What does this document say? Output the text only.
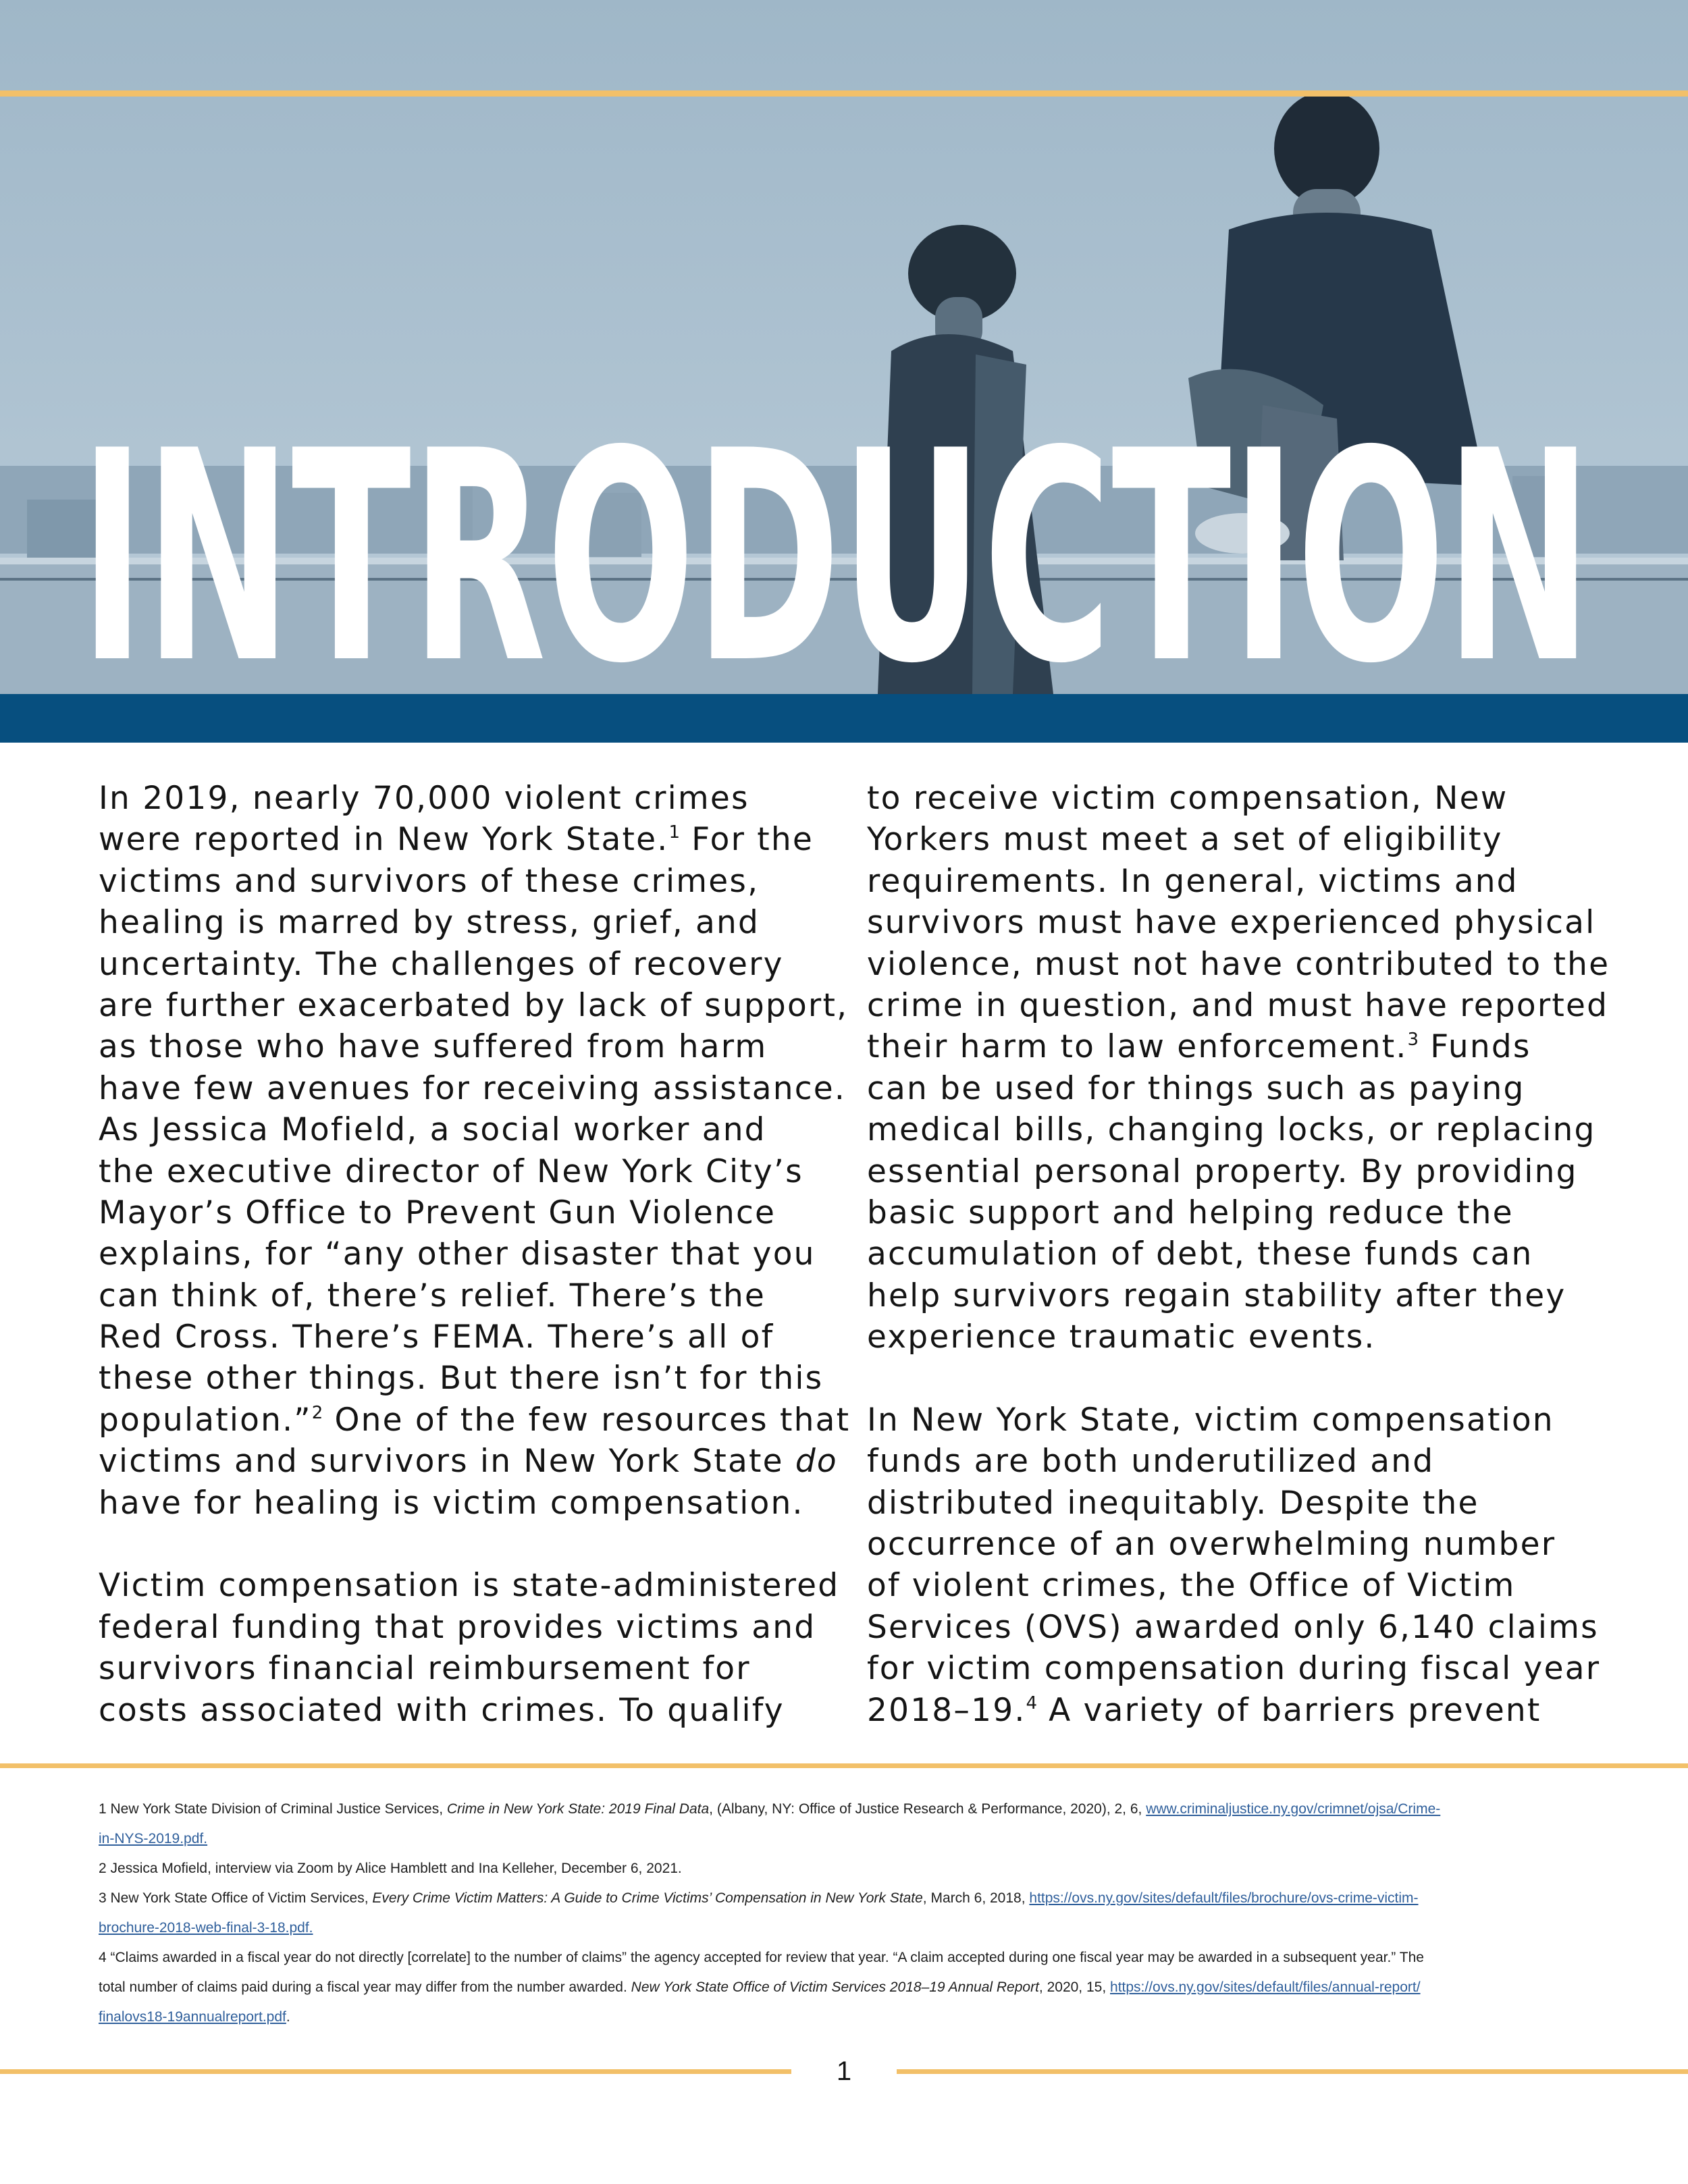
INTRODUCTION
In 2019, nearly 70,000 violent crimes
were reported in New York State.$^1$ For the
victims and survivors of these crimes,
healing is marred by stress, grief, and
uncertainty. The challenges of recovery
are further exacerbated by lack of support,
as those who have suffered from harm
have few avenues for receiving assistance.
As Jessica Mofield, a social worker and
the executive director of New York City’s
Mayor’s Office to Prevent Gun Violence
explains, for “any other disaster that you
can think of, there’s relief. There’s the
Red Cross. There’s FEMA. There’s all of
these other things. But there isn’t for this
population.”$^2$ One of the few resources that
victims and survivors in New York State do
have for healing is victim compensation.
Victim compensation is state-administered
federal funding that provides victims and
survivors financial reimbursement for
costs associated with crimes. To qualify
to receive victim compensation, New
Yorkers must meet a set of eligibility
requirements. In general, victims and
survivors must have experienced physical
violence, must not have contributed to the
crime in question, and must have reported
their harm to law enforcement.$^3$ Funds
can be used for things such as paying
medical bills, changing locks, or replacing
essential personal property. By providing
basic support and helping reduce the
accumulation of debt, these funds can
help survivors regain stability after they
experience traumatic events.
In New York State, victim compensation
funds are both underutilized and
distributed inequitably. Despite the
occurrence of an overwhelming number
of violent crimes, the Office of Victim
Services (OVS) awarded only 6,140 claims
for victim compensation during fiscal year
2018–19.$^4$ A variety of barriers prevent
1 New York State Division of Criminal Justice Services, Crime in New York State: 2019 Final Data, (Albany, NY: Office of Justice Research & Performance, 2020), 2, 6, www.criminaljustice.ny.gov/crimnet/ojsa/Crime-
in-NYS-2019.pdf.
2 Jessica Mofield, interview via Zoom by Alice Hamblett and Ina Kelleher, December 6, 2021.
3 New York State Office of Victim Services, Every Crime Victim Matters: A Guide to Crime Victims’ Compensation in New York State, March 6, 2018, https://ovs.ny.gov/sites/default/files/brochure/ovs-crime-victim-
brochure-2018-web-final-3-18.pdf.
4 “Claims awarded in a fiscal year do not directly [correlate] to the number of claims” the agency accepted for review that year. “A claim accepted during one fiscal year may be awarded in a subsequent year.” The
total number of claims paid during a fiscal year may differ from the number awarded. New York State Office of Victim Services 2018–19 Annual Report, 2020, 15, https://ovs.ny.gov/sites/default/files/annual-report/
finalovs18-19annualreport.pdf.
1
